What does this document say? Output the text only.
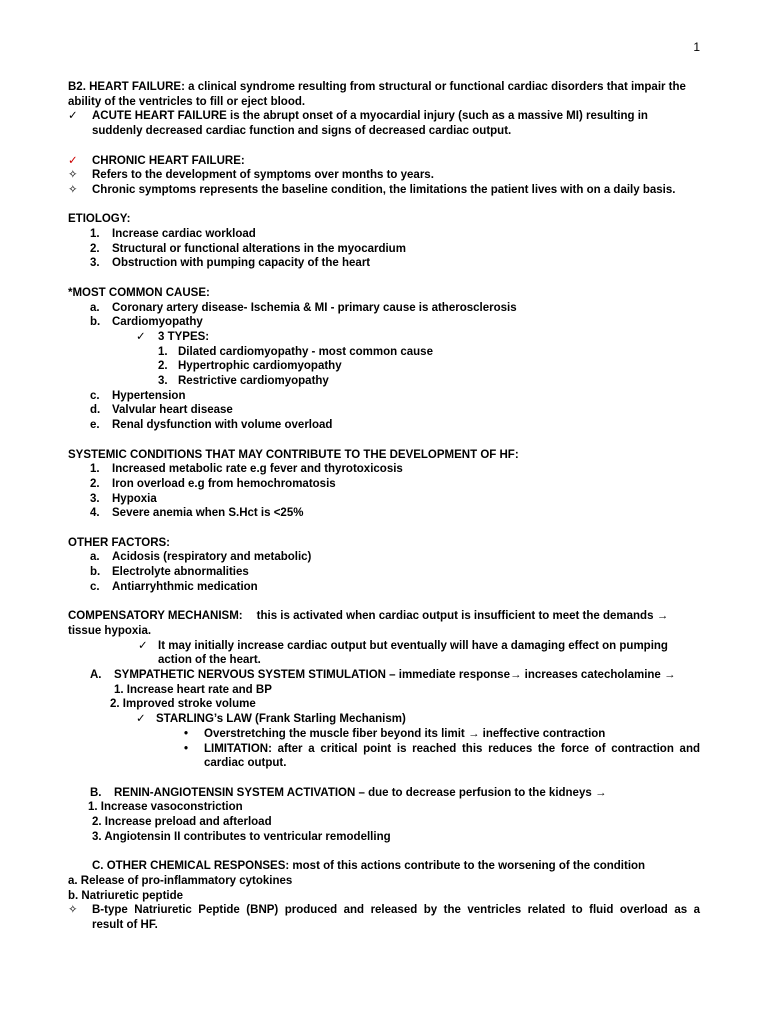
1
B2. HEART FAILURE: a clinical syndrome resulting from structural or functional cardiac disorders that impair the
ability of the ventricles to fill or eject blood.
✓ ACUTE HEART FAILURE is the abrupt onset of a myocardial injury (such as a massive MI) resulting in
suddenly decreased cardiac function and signs of decreased cardiac output.
✓ CHRONIC HEART FAILURE:
✧ Refers to the development of symptoms over months to years.
✧ Chronic symptoms represents the baseline condition, the limitations the patient lives with on a daily basis.
ETIOLOGY:
1. Increase cardiac workload
2. Structural or functional alterations in the myocardium
3. Obstruction with pumping capacity of the heart
*MOST COMMON CAUSE:
a. Coronary artery disease- Ischemia & MI - primary cause is atherosclerosis
b. Cardiomyopathy
✓ 3 TYPES:
1. Dilated cardiomyopathy - most common cause
2. Hypertrophic cardiomyopathy
3. Restrictive cardiomyopathy
c. Hypertension
d. Valvular heart disease
e. Renal dysfunction with volume overload
SYSTEMIC CONDITIONS THAT MAY CONTRIBUTE TO THE DEVELOPMENT OF HF:
1. Increased metabolic rate e.g fever and thyrotoxicosis
2. Iron overload e.g from hemochromatosis
3. Hypoxia
4. Severe anemia when S.Hct is <25%
OTHER FACTORS:
a. Acidosis (respiratory and metabolic)
b. Electrolyte abnormalities
c. Antiarryhthmic medication
COMPENSATORY MECHANISM: this is activated when cardiac output is insufficient to meet the demands →
tissue hypoxia.
✓ It may initially increase cardiac output but eventually will have a damaging effect on pumping
action of the heart.
A. SYMPATHETIC NERVOUS SYSTEM STIMULATION – immediate response→ increases catecholamine →
1. Increase heart rate and BP
2. Improved stroke volume
✓ STARLING’s LAW (Frank Starling Mechanism)
• Overstretching the muscle fiber beyond its limit → ineffective contraction
• LIMITATION: after a critical point is reached this reduces the force of contraction and
cardiac output.
B. RENIN-ANGIOTENSIN SYSTEM ACTIVATION – due to decrease perfusion to the kidneys →
1. Increase vasoconstriction
2. Increase preload and afterload
3. Angiotensin II contributes to ventricular remodelling
C. OTHER CHEMICAL RESPONSES: most of this actions contribute to the worsening of the condition
a. Release of pro-inflammatory cytokines
b. Natriuretic peptide
✧ B-type Natriuretic Peptide (BNP) produced and released by the ventricles related to fluid overload as a
result of HF.
